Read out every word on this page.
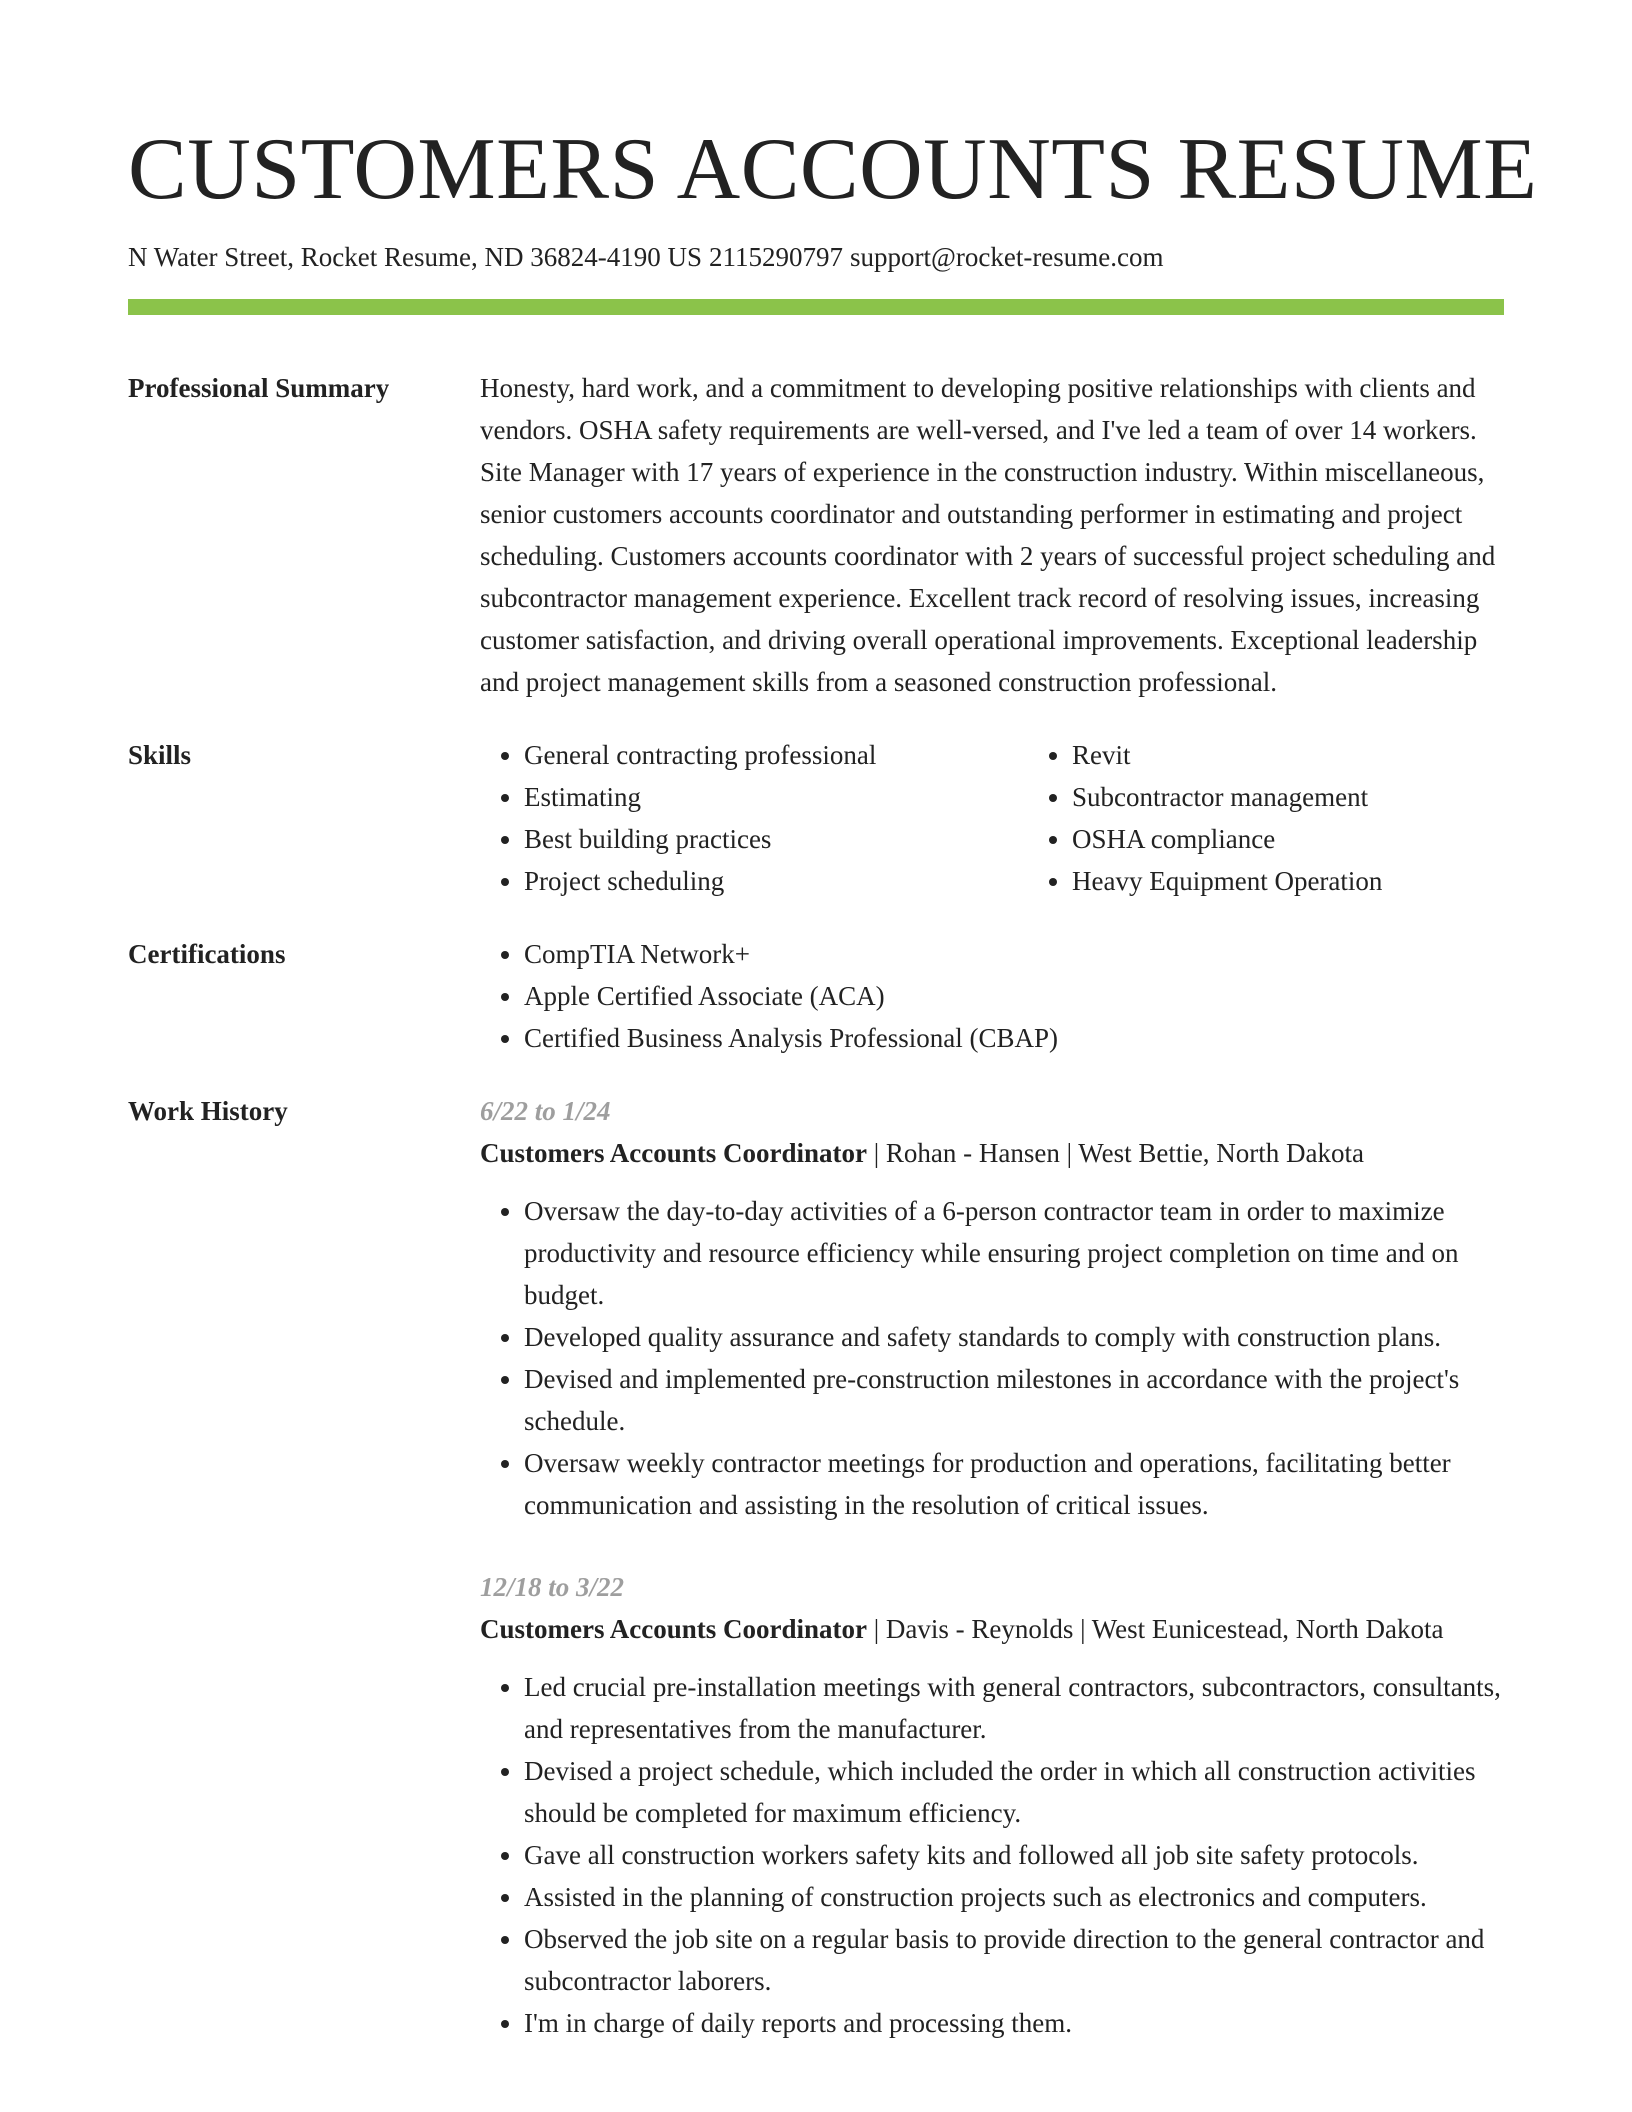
CUSTOMERS ACCOUNTS RESUME
N Water Street, Rocket Resume, ND 36824-4190 US 2115290797 support@rocket-resume.com
Professional Summary	Honesty, hard work, and a commitment to developing positive relationships with clients and vendors. OSHA safety requirements are well-versed, and I've led a team of over 14 workers. Site Manager with 17 years of experience in the construction industry. Within miscellaneous, senior customers accounts coordinator and outstanding performer in estimating and project scheduling. Customers accounts coordinator with 2 years of successful project scheduling and subcontractor management experience. Excellent track record of resolving issues, increasing customer satisfaction, and driving overall operational improvements. Exceptional leadership and project management skills from a seasoned construction professional.

Skills	• General contracting professional
• Estimating
• Best building practices
• Project scheduling
• Revit
• Subcontractor management
• OSHA compliance
• Heavy Equipment Operation
Certifications	• CompTIA Network+
• Apple Certified Associate (ACA)
• Certified Business Analysis Professional (CBAP)
Work History	6/22 to 1/24
Customers Accounts Coordinator | Rohan - Hansen | West Bettie, North Dakota
• Oversaw the day-to-day activities of a 6-person contractor team in order to maximize productivity and resource efficiency while ensuring project completion on time and on budget.
• Developed quality assurance and safety standards to comply with construction plans.
• Devised and implemented pre-construction milestones in accordance with the project's schedule.
• Oversaw weekly contractor meetings for production and operations, facilitating better communication and assisting in the resolution of critical issues.
12/18 to 3/22
Customers Accounts Coordinator | Davis - Reynolds | West Eunicestead, North Dakota
• Led crucial pre-installation meetings with general contractors, subcontractors, consultants, and representatives from the manufacturer.
• Devised a project schedule, which included the order in which all construction activities should be completed for maximum efficiency.
• Gave all construction workers safety kits and followed all job site safety protocols.
• Assisted in the planning of construction projects such as electronics and computers.
• Observed the job site on a regular basis to provide direction to the general contractor and subcontractor laborers.
• I'm in charge of daily reports and processing them.
